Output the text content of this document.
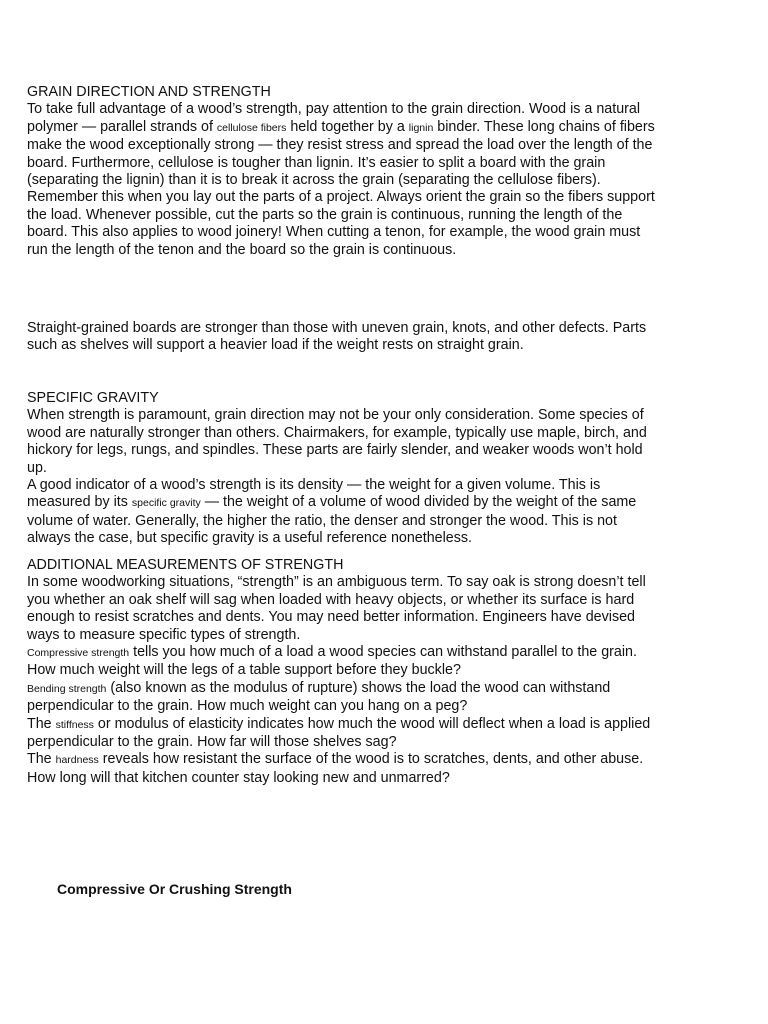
GRAIN DIRECTION AND STRENGTH

To take full advantage of a wood’s strength, pay attention to the grain direction. Wood is a natural polymer — parallel strands of cellulose fibers held together by a lignin binder. These long chains of fibers make the wood exceptionally strong — they resist stress and spread the load over the length of the board. Furthermore, cellulose is tougher than lignin. It’s easier to split a board with the grain (separating the lignin) than it is to break it across the grain (separating the cellulose fibers).

Remember this when you lay out the parts of a project. Always orient the grain so the fibers support the load. Whenever possible, cut the parts so the grain is continuous, running the length of the board. This also applies to wood joinery! When cutting a tenon, for example, the wood grain must run the length of the tenon and the board so the grain is continuous.

Straight-grained boards are stronger than those with uneven grain, knots, and other defects. Parts such as shelves will support a heavier load if the weight rests on straight grain.

SPECIFIC GRAVITY

When strength is paramount, grain direction may not be your only consideration. Some species of wood are naturally stronger than others. Chairmakers, for example, typically use maple, birch, and hickory for legs, rungs, and spindles. These parts are fairly slender, and weaker woods won’t hold up.

A good indicator of a wood’s strength is its density — the weight for a given volume. This is measured by its specific gravity — the weight of a volume of wood divided by the weight of the same volume of water. Generally, the higher the ratio, the denser and stronger the wood. This is not always the case, but specific gravity is a useful reference nonetheless.

ADDITIONAL MEASUREMENTS OF STRENGTH

In some woodworking situations, “strength” is an ambiguous term. To say oak is strong doesn’t tell you whether an oak shelf will sag when loaded with heavy objects, or whether its surface is hard enough to resist scratches and dents. You may need better information. Engineers have devised ways to measure specific types of strength.

Compressive strength tells you how much of a load a wood species can withstand parallel to the grain. How much weight will the legs of a table support before they buckle?

Bending strength (also known as the modulus of rupture) shows the load the wood can withstand perpendicular to the grain. How much weight can you hang on a peg?

The stiffness or modulus of elasticity indicates how much the wood will deflect when a load is applied perpendicular to the grain. How far will those shelves sag?

The hardness reveals how resistant the surface of the wood is to scratches, dents, and other abuse. How long will that kitchen counter stay looking new and unmarred?

Compressive Or Crushing Strength
